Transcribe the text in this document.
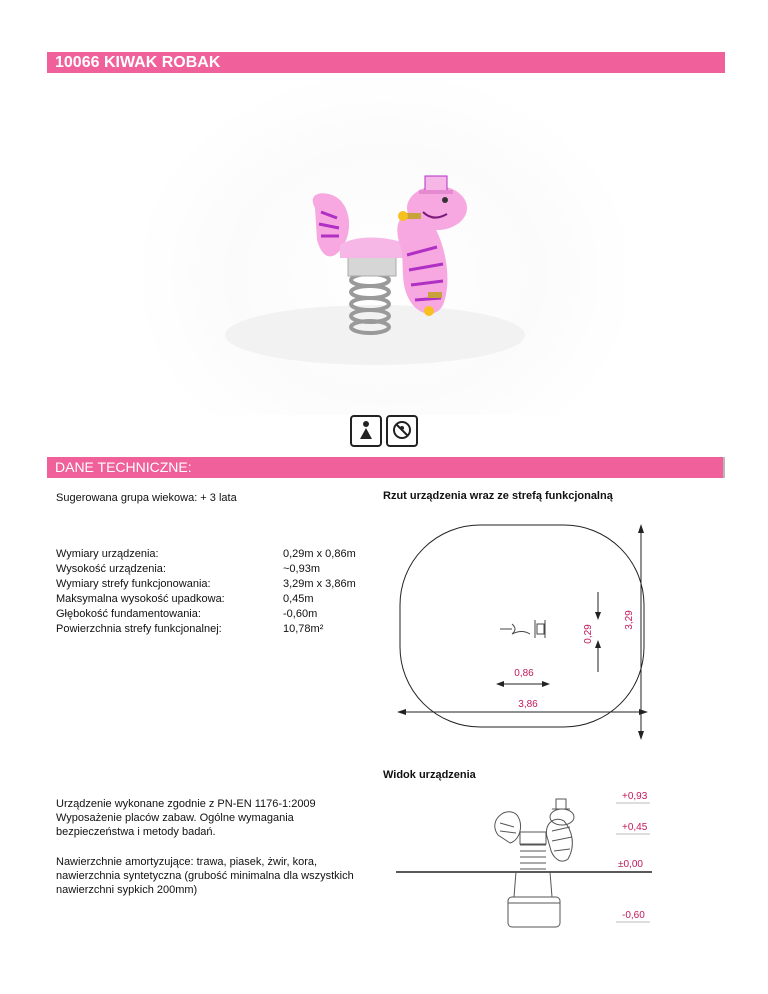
10066 KIWAK ROBAK
DANE TECHNICZNE:
Sugerowana grupa wiekowa: + 3 lata
Wymiary urządzenia:
Wysokość urządzenia:
Wymiary strefy funkcjonowania:
Maksymalna wysokość upadkowa:
Głębokość fundamentowania:
Powierzchnia strefy funkcjonalnej:
0,29m x 0,86m
~0,93m
3,29m x 3,86m
0,45m
-0,60m
10,78m²
Rzut urządzenia wraz ze strefą funkcjonalną
0,29
3,29
0,86
3,86
Widok urządzenia
+0,93
+0,45
±0,00
-0,60
Urządzenie wykonane zgodnie z PN-EN 1176-1:2009
Wyposażenie placów zabaw. Ogólne wymagania
bezpieczeństwa i metody badań.
Nawierzchnie amortyzujące: trawa, piasek, żwir, kora,
nawierzchnia syntetyczna (grubość minimalna dla wszystkich
nawierzchni sypkich 200mm)
